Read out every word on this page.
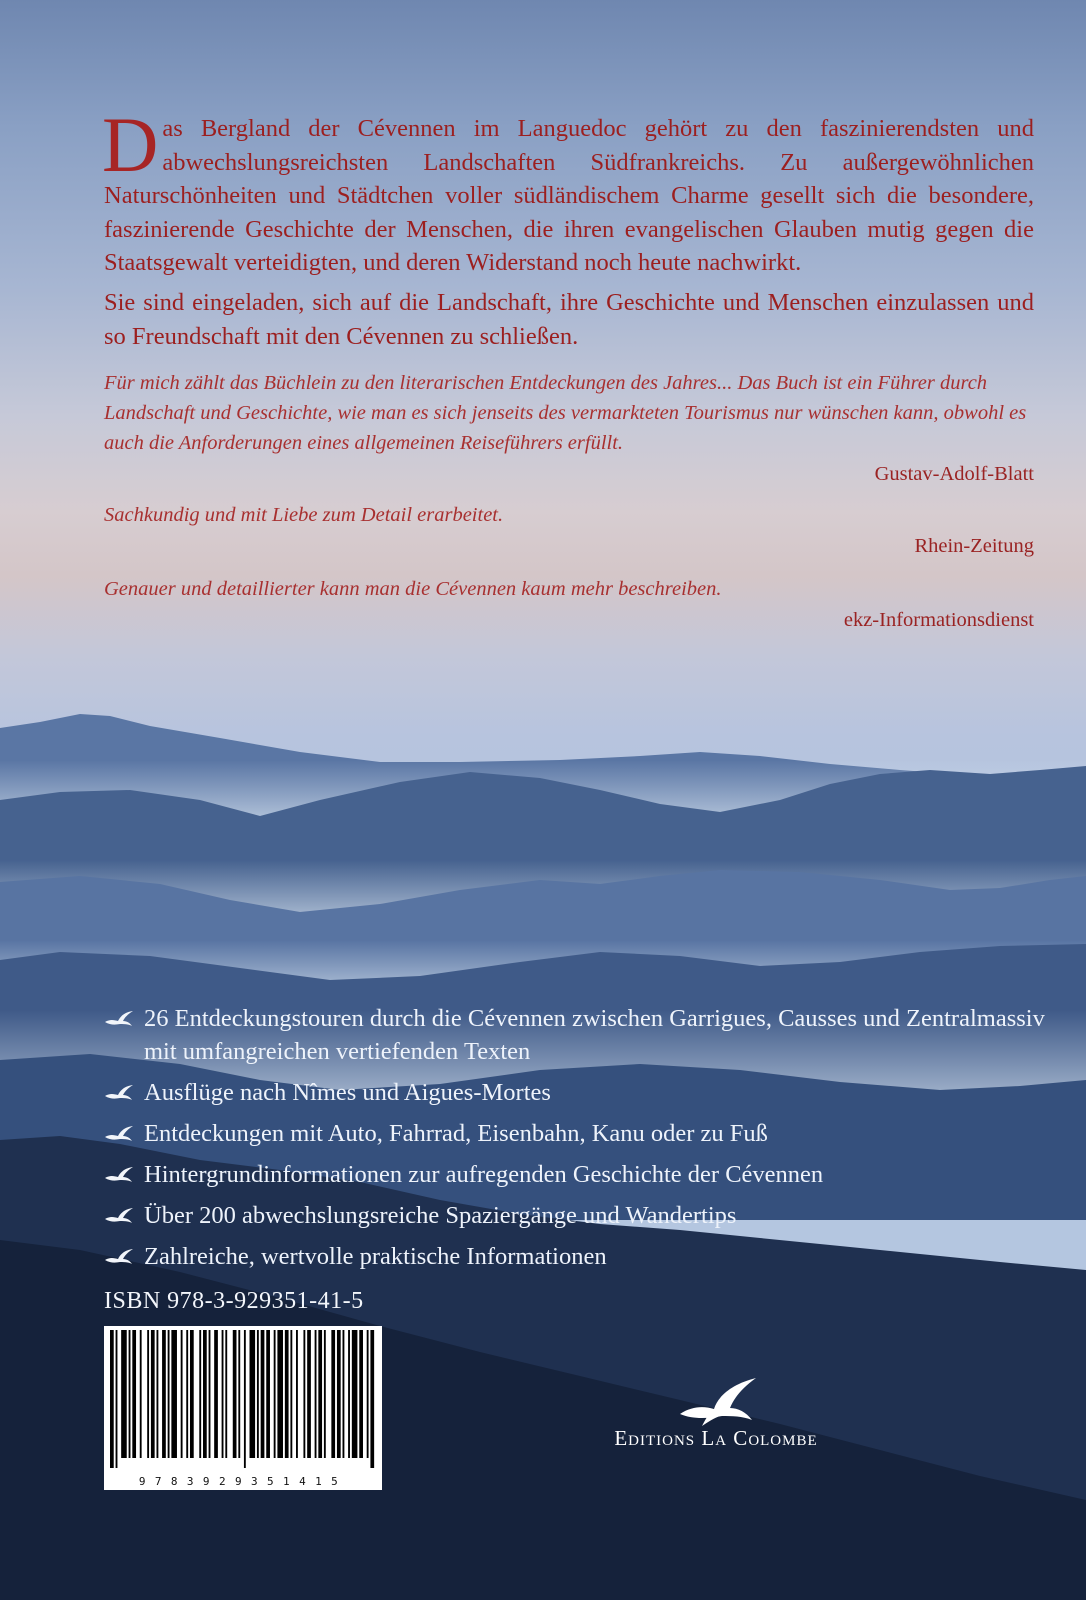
Das Bergland der Cévennen im Languedoc gehört zu den faszinierendsten und abwechslungsreichsten Landschaften Südfrankreichs. Zu außergewöhnlichen Naturschönheiten und Städtchen voller südländischem Charme gesellt sich die besondere, faszinierende Geschichte der Menschen, die ihren evangelischen Glauben mutig gegen die Staatsgewalt verteidigten, und deren Widerstand noch heute nachwirkt.

Sie sind eingeladen, sich auf die Landschaft, ihre Geschichte und Menschen einzulassen und so Freundschaft mit den Cévennen zu schließen.

Für mich zählt das Büchlein zu den literarischen Entdeckungen des Jahres... Das Buch ist ein Führer durch Landschaft und Geschichte, wie man es sich jenseits des vermarkteten Tourismus nur wünschen kann, obwohl es auch die Anforderungen eines allgemeinen Reiseführers erfüllt.

Gustav-Adolf-Blatt

Sachkundig und mit Liebe zum Detail erarbeitet.

Rhein-Zeitung

Genauer und detaillierter kann man die Cévennen kaum mehr beschreiben.

ekz-Informationsdienst
26 Entdeckungstouren durch die Cévennen zwischen Garrigues, Causses und Zentralmassiv mit umfangreichen vertiefenden Texten
Ausflüge nach Nîmes und Aigues-Mortes
Entdeckungen mit Auto, Fahrrad, Eisenbahn, Kanu oder zu Fuß
Hintergrundinformationen zur aufregenden Geschichte der Cévennen
Über 200 abwechslungsreiche Spaziergänge und Wandertips
Zahlreiche, wertvolle praktische Informationen
ISBN 978-3-929351-41-5
9783929351415
Editions La Colombe
